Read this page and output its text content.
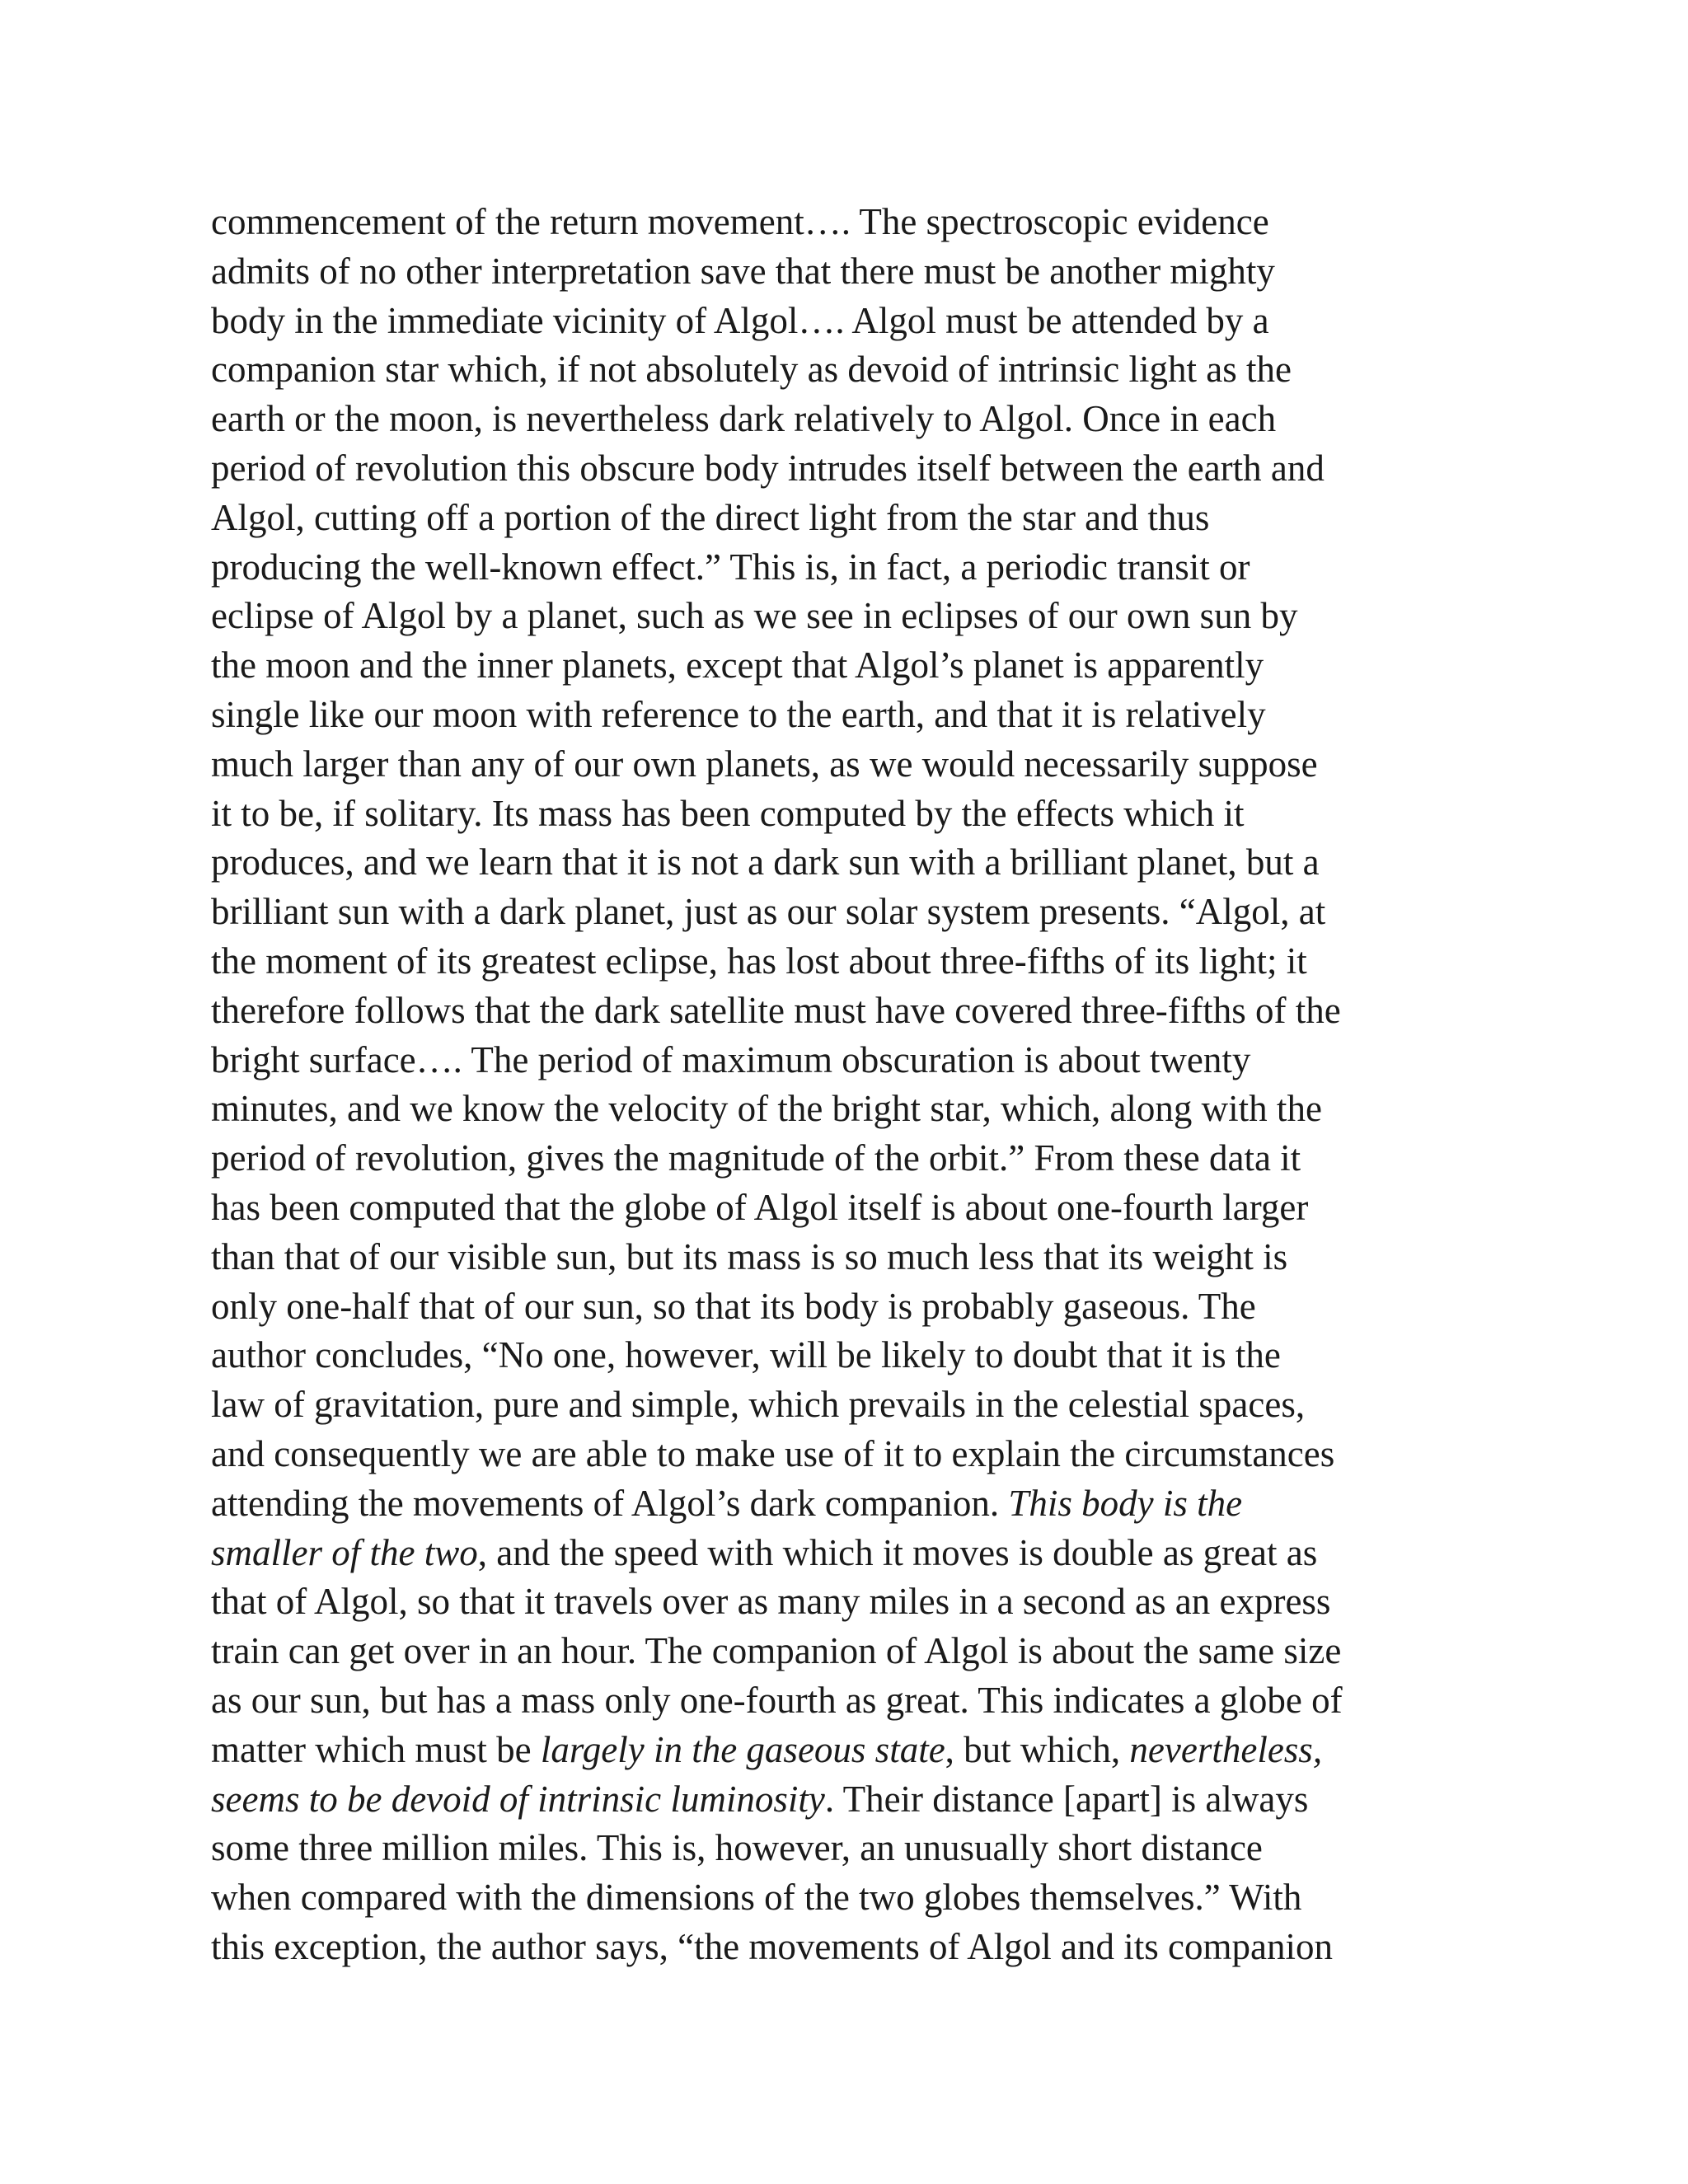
commencement of the return movement…. The spectroscopic evidence
admits of no other interpretation save that there must be another mighty
body in the immediate vicinity of Algol…. Algol must be attended by a
companion star which, if not absolutely as devoid of intrinsic light as the
earth or the moon, is nevertheless dark relatively to Algol. Once in each
period of revolution this obscure body intrudes itself between the earth and
Algol, cutting off a portion of the direct light from the star and thus
producing the well-known effect.” This is, in fact, a periodic transit or
eclipse of Algol by a planet, such as we see in eclipses of our own sun by
the moon and the inner planets, except that Algol’s planet is apparently
single like our moon with reference to the earth, and that it is relatively
much larger than any of our own planets, as we would necessarily suppose
it to be, if solitary. Its mass has been computed by the effects which it
produces, and we learn that it is not a dark sun with a brilliant planet, but a
brilliant sun with a dark planet, just as our solar system presents. “Algol, at
the moment of its greatest eclipse, has lost about three-fifths of its light; it
therefore follows that the dark satellite must have covered three-fifths of the
bright surface…. The period of maximum obscuration is about twenty
minutes, and we know the velocity of the bright star, which, along with the
period of revolution, gives the magnitude of the orbit.” From these data it
has been computed that the globe of Algol itself is about one-fourth larger
than that of our visible sun, but its mass is so much less that its weight is
only one-half that of our sun, so that its body is probably gaseous. The
author concludes, “No one, however, will be likely to doubt that it is the
law of gravitation, pure and simple, which prevails in the celestial spaces,
and consequently we are able to make use of it to explain the circumstances
attending the movements of Algol’s dark companion. This body is the
smaller of the two, and the speed with which it moves is double as great as
that of Algol, so that it travels over as many miles in a second as an express
train can get over in an hour. The companion of Algol is about the same size
as our sun, but has a mass only one-fourth as great. This indicates a globe of
matter which must be largely in the gaseous state, but which, nevertheless,
seems to be devoid of intrinsic luminosity. Their distance [apart] is always
some three million miles. This is, however, an unusually short distance
when compared with the dimensions of the two globes themselves.” With
this exception, the author says, “the movements of Algol and its companion
